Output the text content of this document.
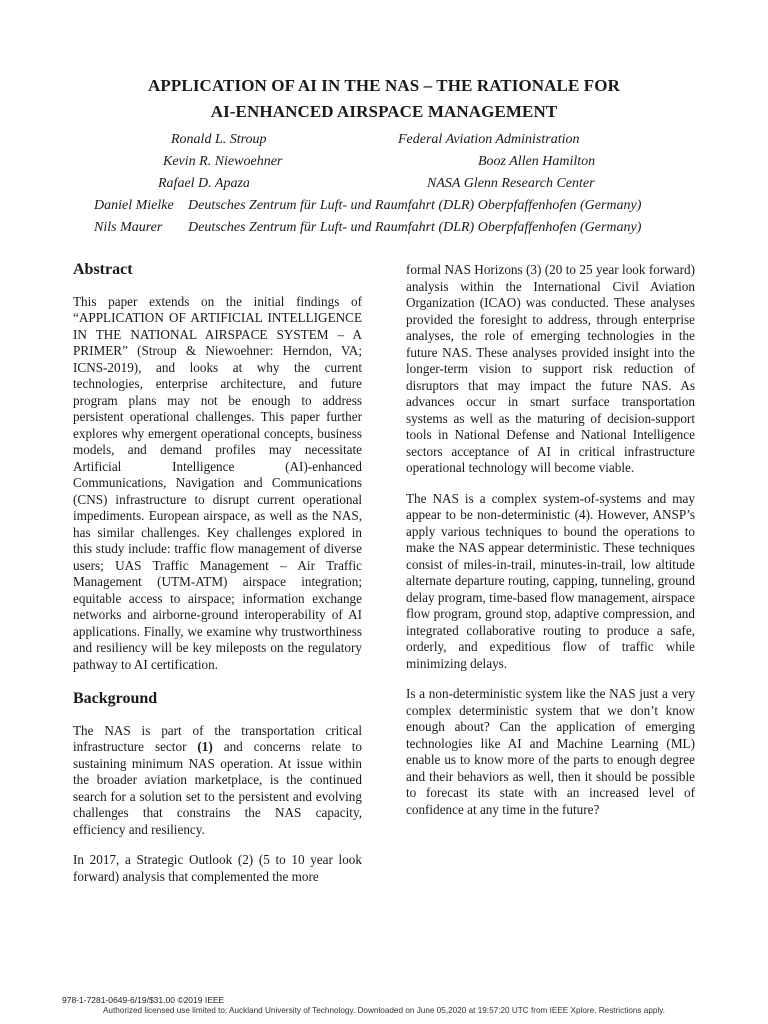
APPLICATION OF AI IN THE NAS – THE RATIONALE FOR
AI-ENHANCED AIRSPACE MANAGEMENT
Ronald L. Stroup	Federal Aviation Administration
Kevin R. Niewoehner	Booz Allen Hamilton
Rafael D. Apaza	NASA Glenn Research Center
Daniel Mielke Deutsches Zentrum für Luft- und Raumfahrt (DLR) Oberpfaffenhofen (Germany)
Nils Maurer Deutsches Zentrum für Luft- und Raumfahrt (DLR) Oberpfaffenhofen (Germany)
Abstract

This paper extends on the initial findings of “APPLICATION OF ARTIFICIAL INTELLIGENCE IN THE NATIONAL AIRSPACE SYSTEM – A PRIMER” (Stroup & Niewoehner: Herndon, VA; ICNS-2019), and looks at why the current technologies, enterprise architecture, and future program plans may not be enough to address persistent operational challenges. This paper further explores why emergent operational concepts, business models, and demand profiles may necessitate Artificial Intelligence (AI)-enhanced Communications, Navigation and Communications (CNS) infrastructure to disrupt current operational impediments. European airspace, as well as the NAS, has similar challenges. Key challenges explored in this study include: traffic flow management of diverse users; UAS Traffic Management – Air Traffic Management (UTM-ATM) airspace integration; equitable access to airspace; information exchange networks and airborne-ground interoperability of AI applications. Finally, we examine why trustworthiness and resiliency will be key mileposts on the regulatory pathway to AI certification.

Background

The NAS is part of the transportation critical infrastructure sector (1) and concerns relate to sustaining minimum NAS operation. At issue within the broader aviation marketplace, is the continued search for a solution set to the persistent and evolving challenges that constrains the NAS capacity, efficiency and resiliency.

In 2017, a Strategic Outlook (2) (5 to 10 year look forward) analysis that complemented the more

formal NAS Horizons (3) (20 to 25 year look forward) analysis within the International Civil Aviation Organization (ICAO) was conducted. These analyses provided the foresight to address, through enterprise analyses, the role of emerging technologies in the future NAS. These analyses provided insight into the longer-term vision to support risk reduction of disruptors that may impact the future NAS. As advances occur in smart surface transportation systems as well as the maturing of decision-support tools in National Defense and National Intelligence sectors acceptance of AI in critical infrastructure operational technology will become viable.

The NAS is a complex system-of-systems and may appear to be non-deterministic (4). However, ANSP’s apply various techniques to bound the operations to make the NAS appear deterministic. These techniques consist of miles-in-trail, minutes-in-trail, low altitude alternate departure routing, capping, tunneling, ground delay program, time-based flow management, airspace flow program, ground stop, adaptive compression, and integrated collaborative routing to produce a safe, orderly, and expeditious flow of traffic while minimizing delays.

Is a non-deterministic system like the NAS just a very complex deterministic system that we don’t know enough about? Can the application of emerging technologies like AI and Machine Learning (ML) enable us to know more of the parts to enough degree and their behaviors as well, then it should be possible to forecast its state with an increased level of confidence at any time in the future?

978-1-7281-0649-6/19/$31.00 ©2019 IEEE
Authorized licensed use limited to: Auckland University of Technology. Downloaded on June 05,2020 at 19:57:20 UTC from IEEE Xplore. Restrictions apply.
